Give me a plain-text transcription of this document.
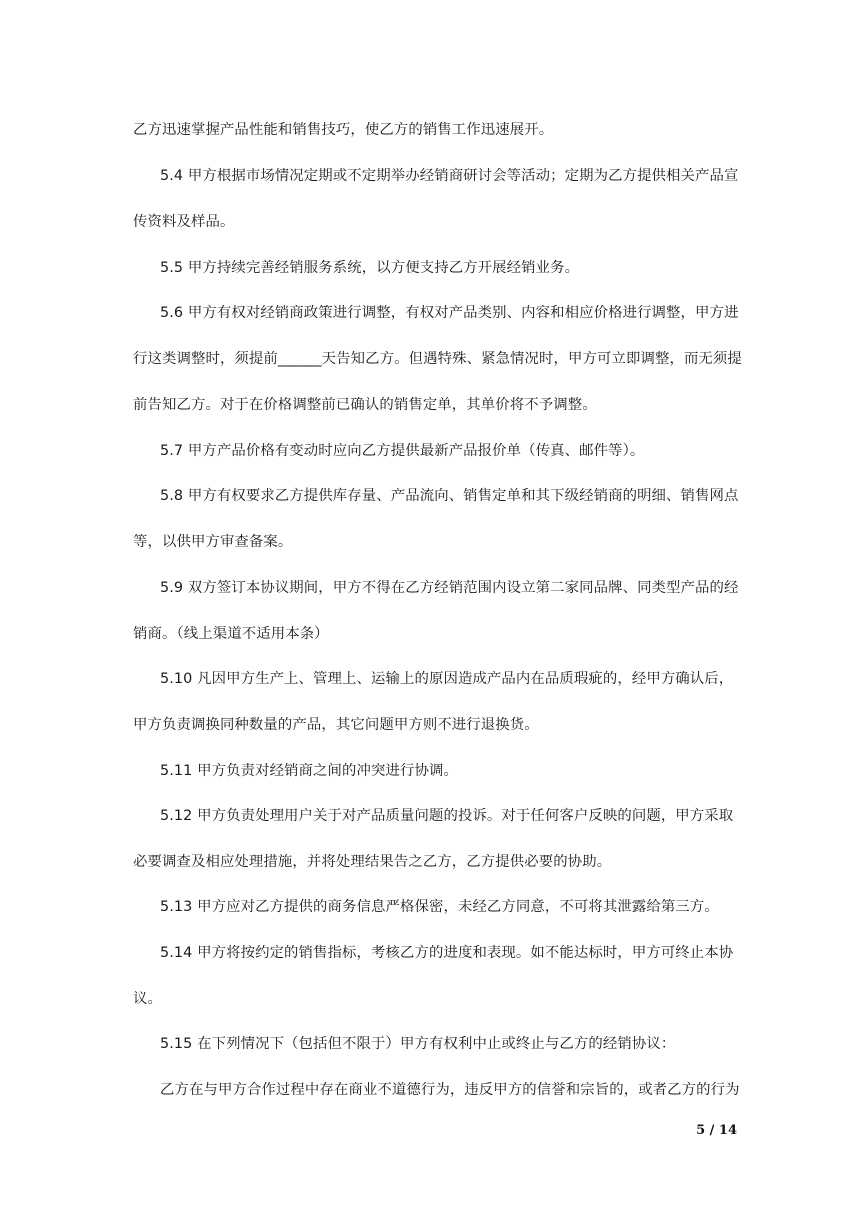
乙方迅速掌握产品性能和销售技巧，使乙方的销售工作迅速展开。
5.4 甲方根据市场情况定期或不定期举办经销商研讨会等活动；定期为乙方提供相关产品宣
传资料及样品。
5.5 甲方持续完善经销服务系统，以方便支持乙方开展经销业务。
5.6 甲方有权对经销商政策进行调整，有权对产品类别、内容和相应价格进行调整，甲方进
行这类调整时，须提前______天告知乙方。但遇特殊、紧急情况时，甲方可立即调整，而无须提
前告知乙方。对于在价格调整前已确认的销售定单，其单价将不予调整。
5.7 甲方产品价格有变动时应向乙方提供最新产品报价单（传真、邮件等）。
5.8 甲方有权要求乙方提供库存量、产品流向、销售定单和其下级经销商的明细、销售网点
等，以供甲方审查备案。
5.9 双方签订本协议期间，甲方不得在乙方经销范围内设立第二家同品牌、同类型产品的经
销商。（线上渠道不适用本条）
5.10 凡因甲方生产上、管理上、运输上的原因造成产品内在品质瑕疵的，经甲方确认后，
甲方负责调换同种数量的产品，其它问题甲方则不进行退换货。
5.11 甲方负责对经销商之间的冲突进行协调。
5.12 甲方负责处理用户关于对产品质量问题的投诉。对于任何客户反映的问题，甲方采取
必要调查及相应处理措施，并将处理结果告之乙方，乙方提供必要的协助。
5.13 甲方应对乙方提供的商务信息严格保密，未经乙方同意，不可将其泄露给第三方。
5.14 甲方将按约定的销售指标，考核乙方的进度和表现。如不能达标时，甲方可终止本协
议。
5.15 在下列情况下（包括但不限于）甲方有权利中止或终止与乙方的经销协议：
乙方在与甲方合作过程中存在商业不道德行为，违反甲方的信誉和宗旨的，或者乙方的行为
5 / 14
